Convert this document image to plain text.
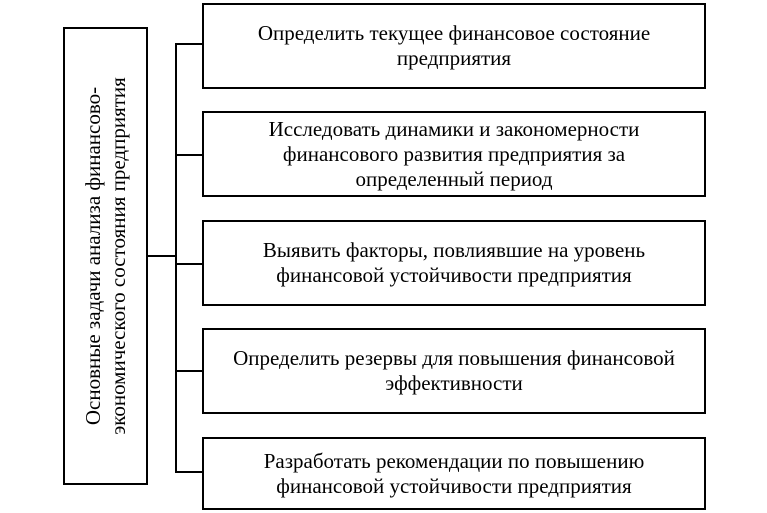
Основные задачи анализа финансово- экономического состояния предприятия
Определить текущее финансовое состояние предприятия
Исследовать динамики и закономерности финансового развития предприятия за определенный период
Выявить факторы, повлиявшие на уровень финансовой устойчивости предприятия
Определить резервы для повышения финансовой эффективности
Разработать рекомендации по повышению финансовой устойчивости предприятия
